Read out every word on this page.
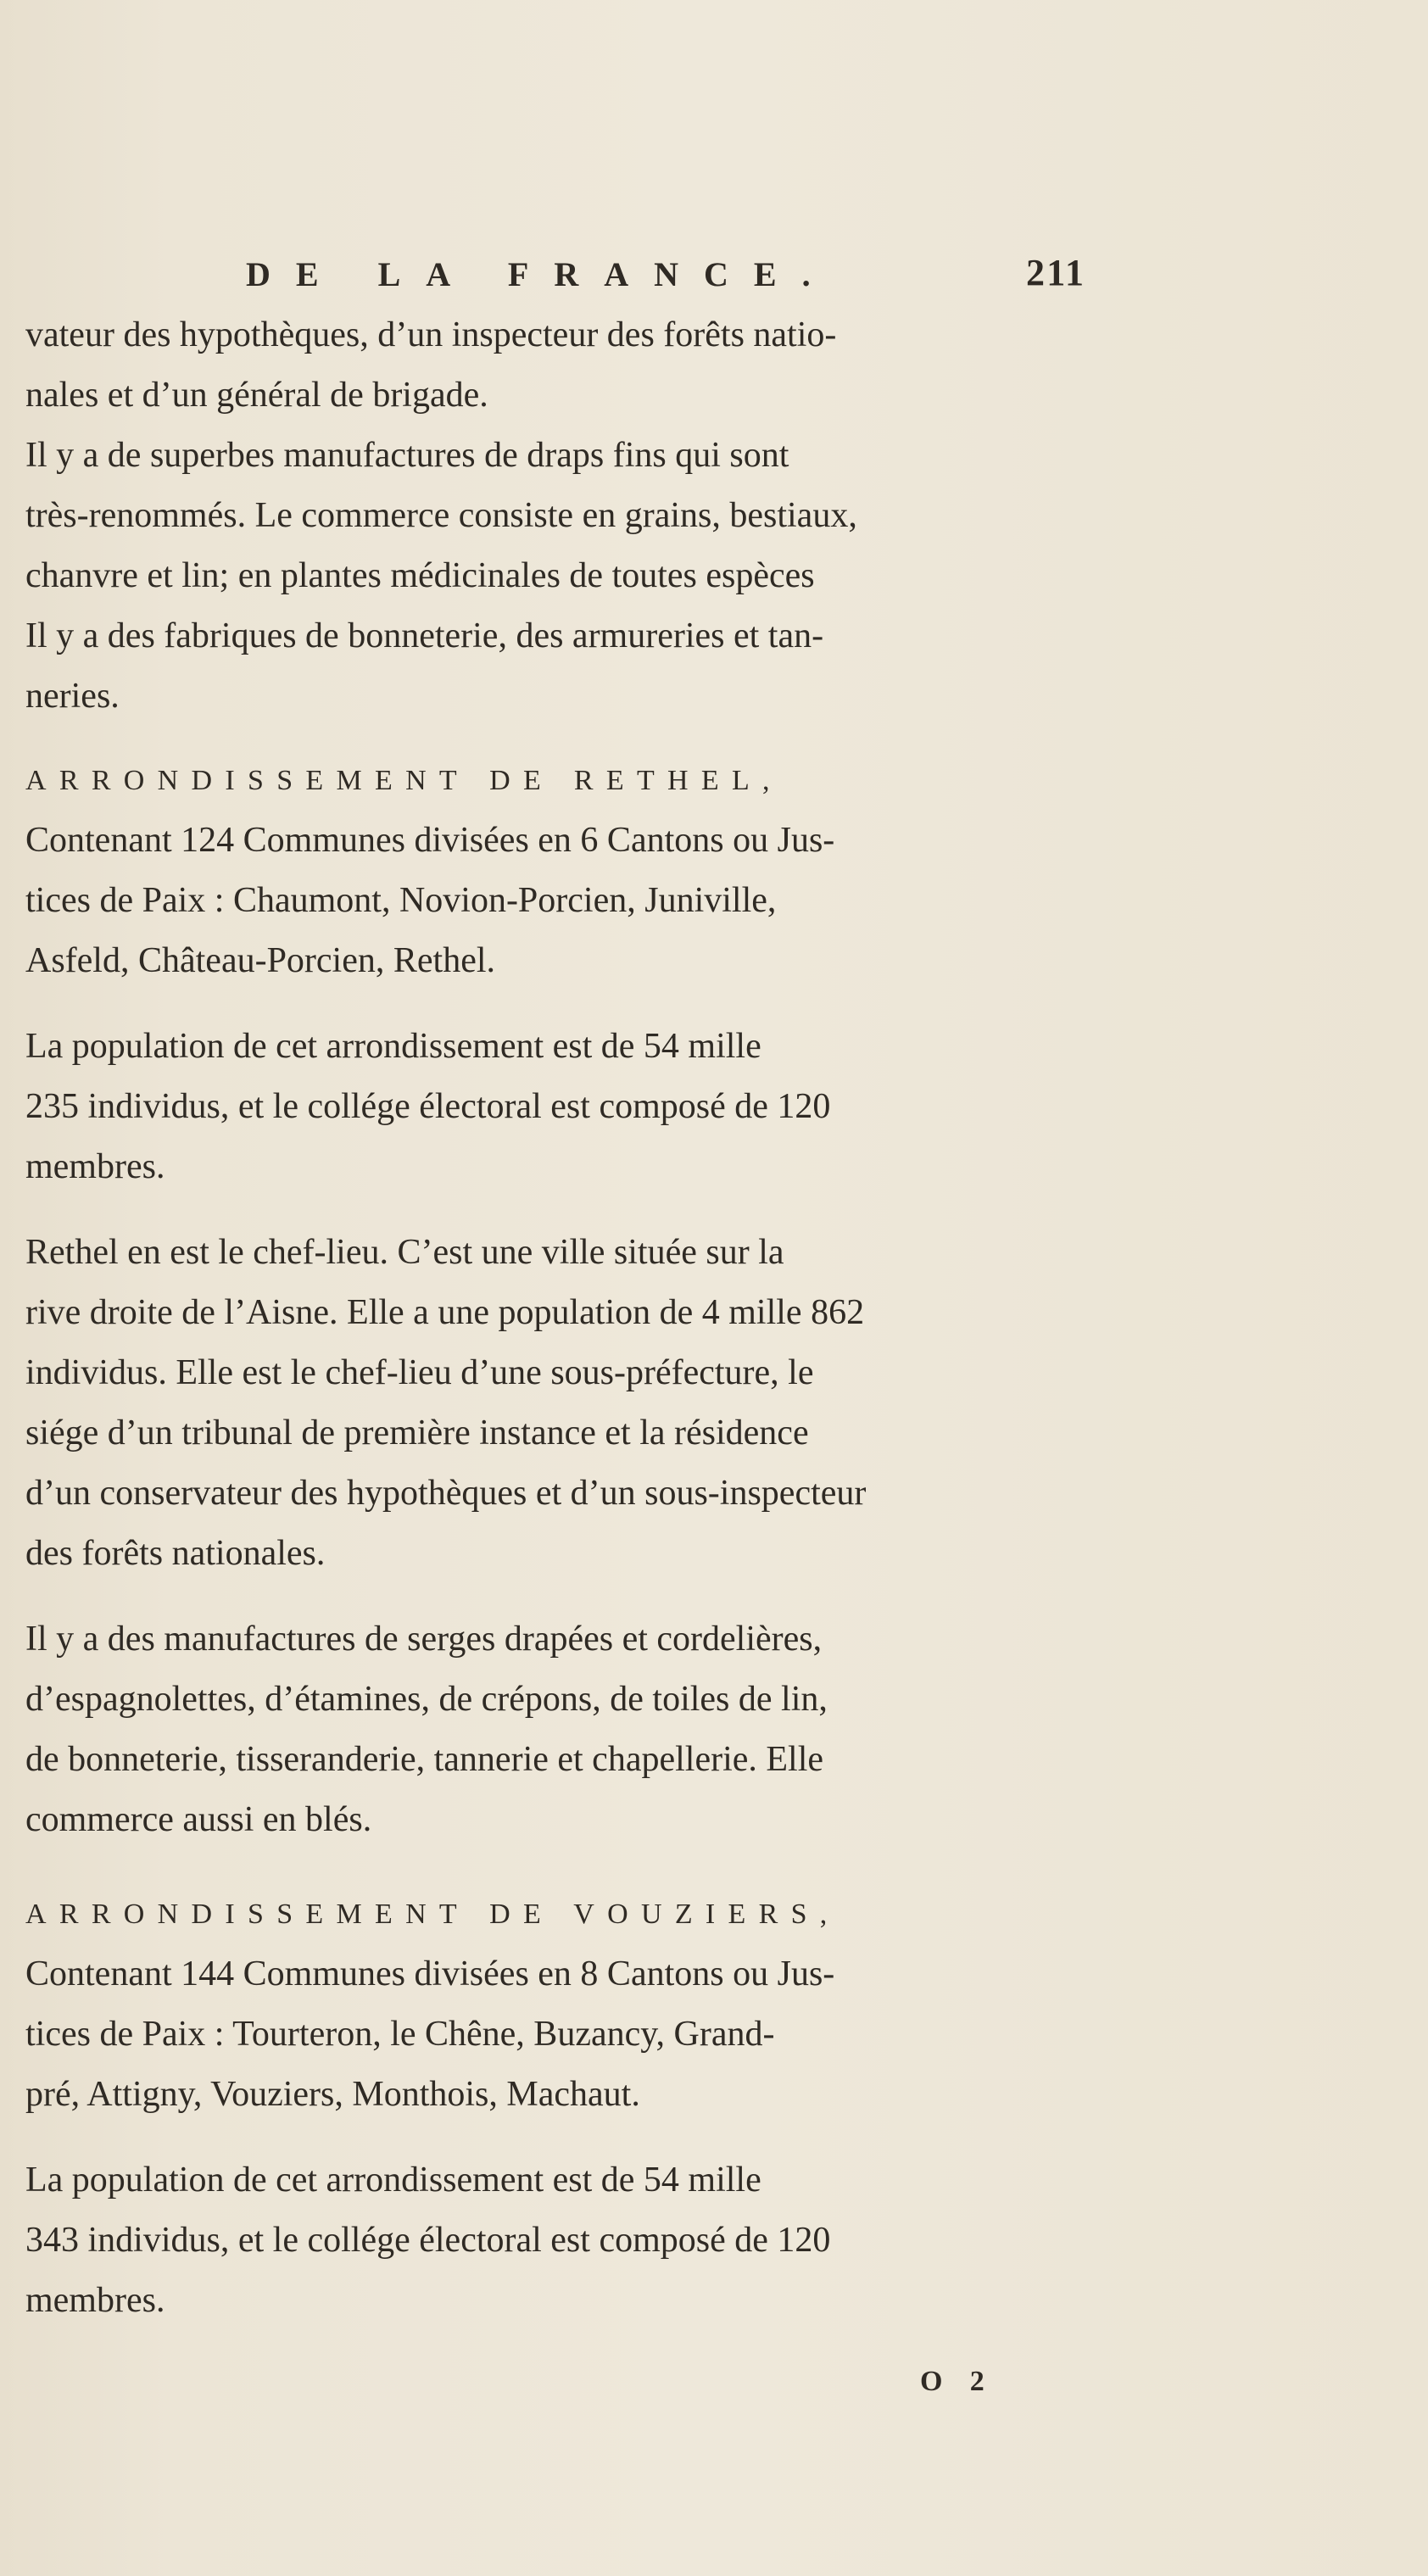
DE LA FRANCE.	211

vateur des hypothèques, d’un inspecteur des forêts natio-

nales et d’un général de brigade.

Il y a de superbes manufactures de draps fins qui sont

très-renommés. Le commerce consiste en grains, bestiaux,

chanvre et lin; en plantes médicinales de toutes espèces

Il y a des fabriques de bonneterie, des armureries et tan-

neries.

ARRONDISSEMENT DE RETHEL,

Contenant 124 Communes divisées en 6 Cantons ou Jus-

tices de Paix : Chaumont, Novion-Porcien, Juniville,

Asfeld, Château-Porcien, Rethel.

La population de cet arrondissement est de 54 mille

235 individus, et le collége électoral est composé de 120

membres.

Rethel en est le chef-lieu. C’est une ville située sur la

rive droite de l’Aisne. Elle a une population de 4 mille 862

individus. Elle est le chef-lieu d’une sous-préfecture, le

siége d’un tribunal de première instance et la résidence

d’un conservateur des hypothèques et d’un sous-inspecteur

des forêts nationales.

Il y a des manufactures de serges drapées et cordelières,

d’espagnolettes, d’étamines, de crépons, de toiles de lin,

de bonneterie, tisseranderie, tannerie et chapellerie. Elle

commerce aussi en blés.

ARRONDISSEMENT DE VOUZIERS,

Contenant 144 Communes divisées en 8 Cantons ou Jus-

tices de Paix : Tourteron, le Chêne, Buzancy, Grand-

pré, Attigny, Vouziers, Monthois, Machaut.

La population de cet arrondissement est de 54 mille

343 individus, et le collége électoral est composé de 120

membres.

O 2
